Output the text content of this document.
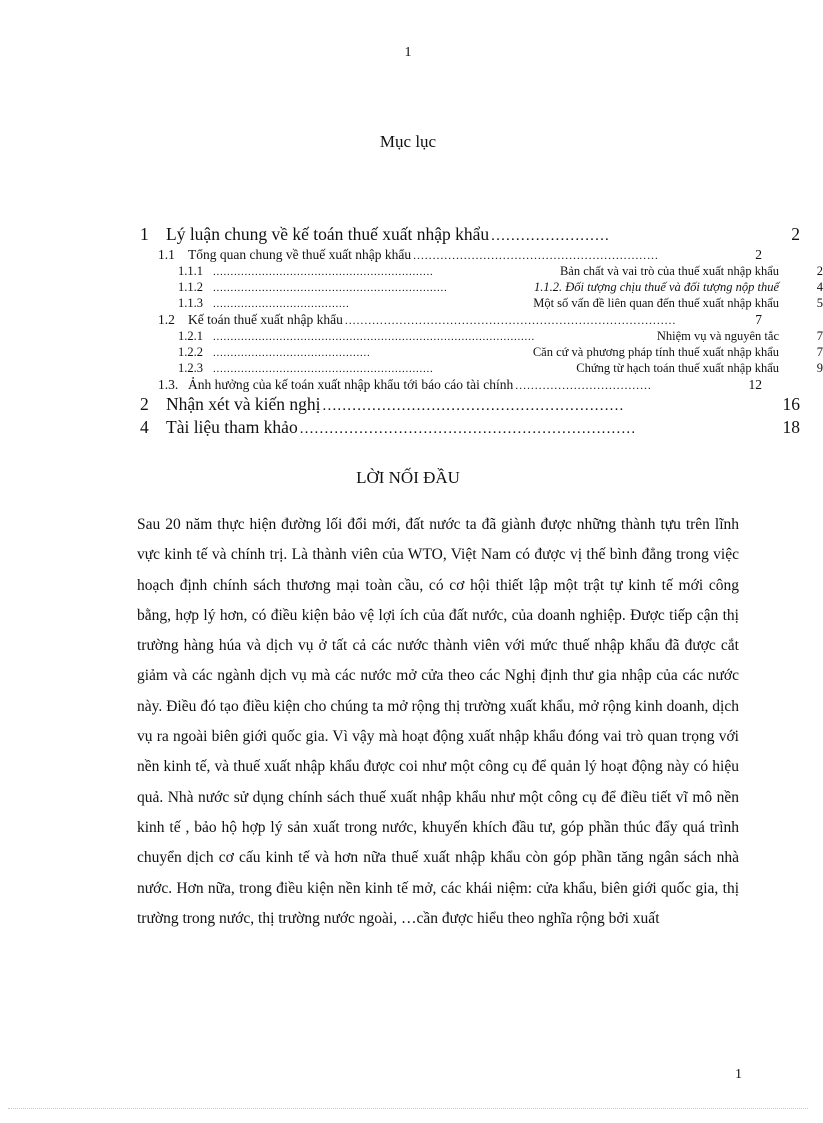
1
Mục lục
1 Lý luận chung về kế toán thuế xuất nhập khẩu ........................	2
1.1 Tổng quan chung về thuế xuất nhập khẩu ...............................................................	2
1.1.1 ...............................................................	Bản chất và vai trò của thuế xuất nhập khẩu	2
1.1.2 ...................................................................	1.1.2. Đối tượng chịu thuế và đối tượng nộp thuế	4
1.1.3 .......................................	Một số vấn đề liên quan đến thuế xuất nhập khẩu	5
1.2 Kế toán thuế xuất nhập khẩu .....................................................................................	7
1.2.1 ............................................................................................	Nhiệm vụ và nguyên tắc	7
1.2.2 .............................................	Căn cứ và phương pháp tính thuế xuất nhập khẩu	7
1.2.3 ...............................................................	Chứng từ hạch toán thuế xuất nhập khẩu	9
1.3. Ảnh hưởng của kế toán xuất nhập khẩu tới báo cáo tài chính ...................................	12
2 Nhận xét và kiến nghị .............................................................	16
4 Tài liệu tham khảo ....................................................................	18
LỜI NỐI ĐẦU

Sau 20 năm thực hiện đường lối đổi mới, đất nước ta đã giành được những thành tựu trên lĩnh vực kinh tế và chính trị. Là thành viên của WTO, Việt Nam có được vị thế bình đẳng trong việc hoạch định chính sách thương mại toàn cầu, có cơ hội thiết lập một trật tự kinh tế mới công bằng, hợp lý hơn, có điều kiện bảo vệ lợi ích của đất nước, của doanh nghiệp. Được tiếp cận thị trường hàng húa và dịch vụ ở tất cả các nước thành viên với mức thuế nhập khẩu đã được cắt giảm và các ngành dịch vụ mà các nước mở cửa theo các Nghị định thư gia nhập của các nước này. Điều đó tạo điều kiện cho chúng ta mở rộng thị trường xuất khẩu, mở rộng kinh doanh, dịch vụ ra ngoài biên giới quốc gia. Vì vậy mà hoạt động xuất nhập khẩu đóng vai trò quan trọng với nền kinh tế, và thuế xuất nhập khẩu được coi như một công cụ để quản lý hoạt động này có hiệu quả. Nhà nước sử dụng chính sách thuế xuất nhập khẩu như một công cụ để điều tiết vĩ mô nền kinh tế , bảo hộ hợp lý sản xuất trong nước, khuyến khích đầu tư, góp phần thúc đẩy quá trình chuyển dịch cơ cấu kinh tế và hơn nữa thuế xuất nhập khẩu còn góp phần tăng ngân sách nhà nước. Hơn nữa, trong điều kiện nền kinh tế mở, các khái niệm: cửa khẩu, biên giới quốc gia, thị trường trong nước, thị trường nước ngoài, …cần được hiểu theo nghĩa rộng bởi xuất

1
